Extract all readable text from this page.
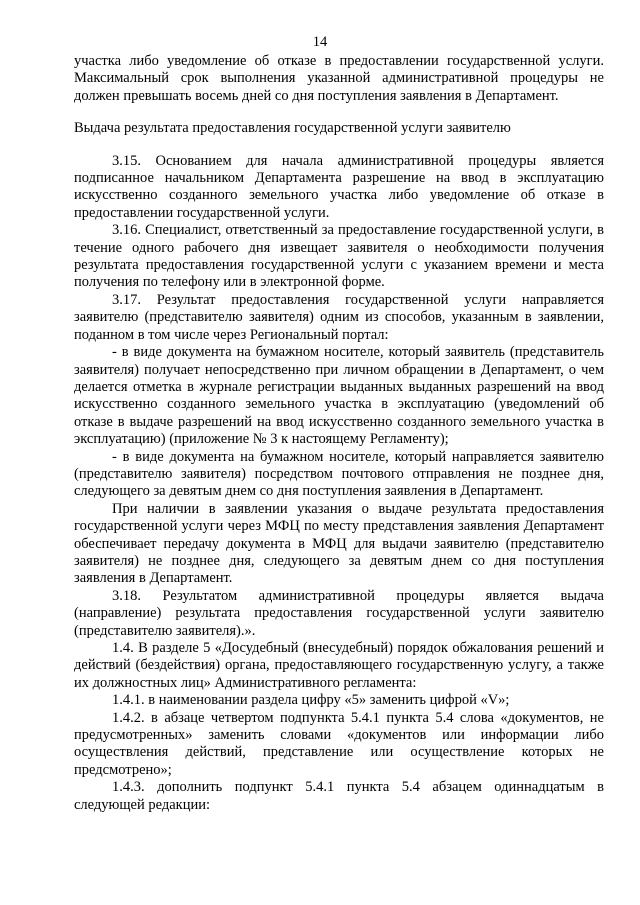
14

участка либо уведомление об отказе в предоставлении государственной услуги. Максимальный срок выполнения указанной административной процедуры не должен превышать восемь дней со дня поступления заявления в Департамент.

Выдача результата предоставления государственной услуги заявителю

3.15. Основанием для начала административной процедуры является подписанное начальником Департамента разрешение на ввод в эксплуатацию искусственно созданного земельного участка либо уведомление об отказе в предоставлении государственной услуги.

3.16. Специалист, ответственный за предоставление государственной услуги, в течение одного рабочего дня извещает заявителя о необходимости получения результата предоставления государственной услуги с указанием времени и места получения по телефону или в электронной форме.

3.17. Результат предоставления государственной услуги направляется заявителю (представителю заявителя) одним из способов, указанным в заявлении, поданном в том числе через Региональный портал:

- в виде документа на бумажном носителе, который заявитель (представитель заявителя) получает непосредственно при личном обращении в Департамент, о чем делается отметка в журнале регистрации выданных выданных разрешений на ввод искусственно созданного земельного участка в эксплуатацию (уведомлений об отказе в выдаче разрешений на ввод искусственно созданного земельного участка в эксплуатацию) (приложение № 3 к настоящему Регламенту);

- в виде документа на бумажном носителе, который направляется заявителю (представителю заявителя) посредством почтового отправления не позднее дня, следующего за девятым днем со дня поступления заявления в Департамент.

При наличии в заявлении указания о выдаче результата предоставления государственной услуги через МФЦ по месту представления заявления Департамент обеспечивает передачу документа в МФЦ для выдачи заявителю (представителю заявителя) не позднее дня, следующего за девятым днем со дня поступления заявления в Департамент.

3.18. Результатом административной процедуры является выдача (направление) результата предоставления государственной услуги заявителю (представителю заявителя).».

1.4. В разделе 5 «Досудебный (внесудебный) порядок обжалования решений и действий (бездействия) органа, предоставляющего государственную услугу, а также их должностных лиц» Административного регламента:

1.4.1. в наименовании раздела цифру «5» заменить цифрой «V»;

1.4.2. в абзаце четвертом подпункта 5.4.1 пункта 5.4 слова «документов, не предусмотренных» заменить словами «документов или информации либо осуществления действий, представление или осуществление которых не предсмотрено»;

1.4.3. дополнить подпункт 5.4.1 пункта 5.4 абзацем одиннадцатым в следующей редакции:
